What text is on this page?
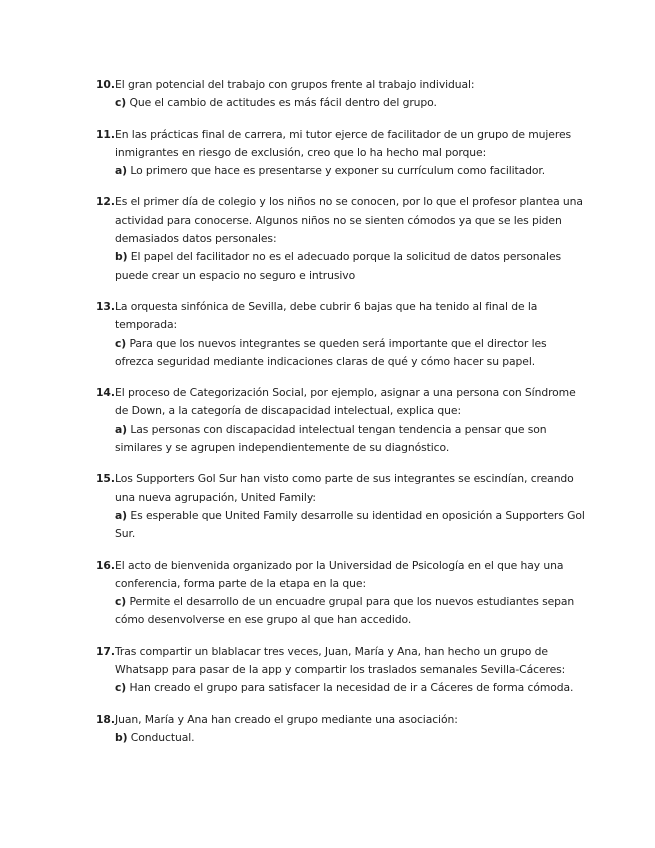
10. El gran potencial del trabajo con grupos frente al trabajo individual:
c) Que el cambio de actitudes es más fácil dentro del grupo.
11. En las prácticas final de carrera, mi tutor ejerce de facilitador de un grupo de mujeres inmigrantes en riesgo de exclusión, creo que lo ha hecho mal porque:
a) Lo primero que hace es presentarse y exponer su currículum como facilitador.
12. Es el primer día de colegio y los niños no se conocen, por lo que el profesor plantea una actividad para conocerse. Algunos niños no se sienten cómodos ya que se les piden demasiados datos personales:
b) El papel del facilitador no es el adecuado porque la solicitud de datos personales puede crear un espacio no seguro e intrusivo
13. La orquesta sinfónica de Sevilla, debe cubrir 6 bajas que ha tenido al final de la temporada:
c) Para que los nuevos integrantes se queden será importante que el director les ofrezca seguridad mediante indicaciones claras de qué y cómo hacer su papel.
14. El proceso de Categorización Social, por ejemplo, asignar a una persona con Síndrome de Down, a la categoría de discapacidad intelectual, explica que:
a) Las personas con discapacidad intelectual tengan tendencia a pensar que son similares y se agrupen independientemente de su diagnóstico.
15. Los Supporters Gol Sur han visto como parte de sus integrantes se escindían, creando una nueva agrupación, United Family:
a) Es esperable que United Family desarrolle su identidad en oposición a Supporters Gol Sur.
16. El acto de bienvenida organizado por la Universidad de Psicología en el que hay una conferencia, forma parte de la etapa en la que:
c) Permite el desarrollo de un encuadre grupal para que los nuevos estudiantes sepan cómo desenvolverse en ese grupo al que han accedido.
17. Tras compartir un blablacar tres veces, Juan, María y Ana, han hecho un grupo de Whatsapp para pasar de la app y compartir los traslados semanales Sevilla-Cáceres:
c) Han creado el grupo para satisfacer la necesidad de ir a Cáceres de forma cómoda.
18. Juan, María y Ana han creado el grupo mediante una asociación:
b) Conductual.
